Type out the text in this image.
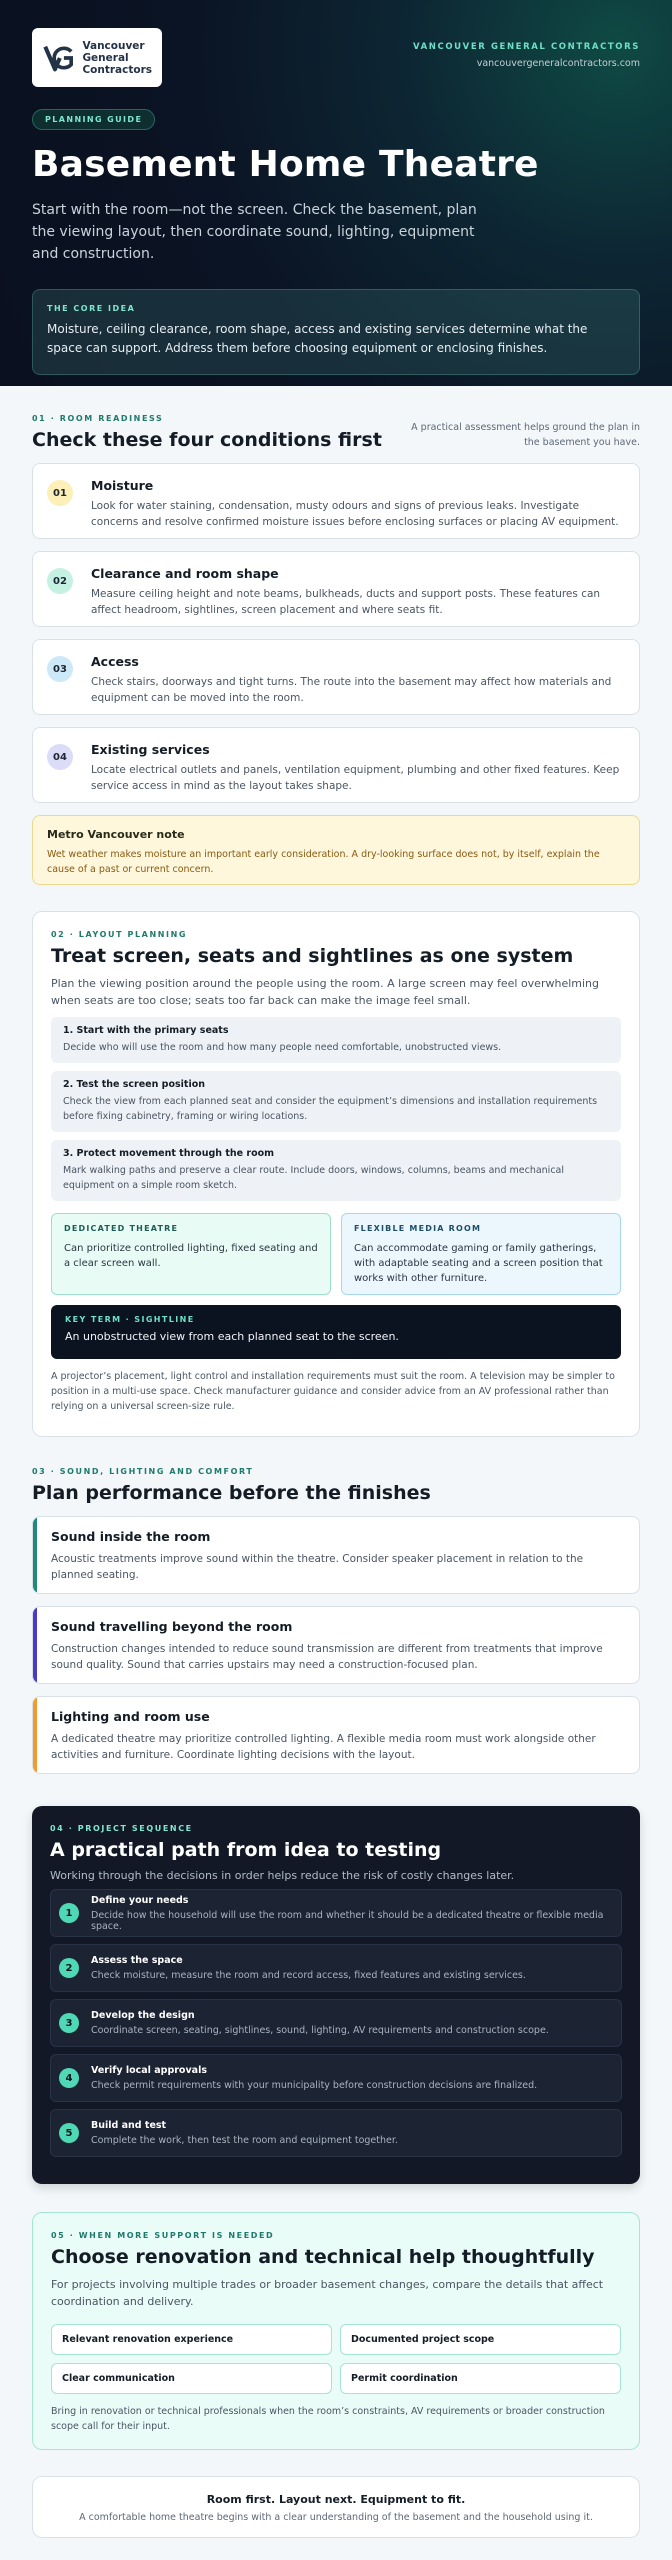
Vancouver
General
Contractors
VANCOUVER GENERAL CONTRACTORS
vancouvergeneralcontractors.com
PLANNING GUIDE
Basement Home Theatre

Start with the room—not the screen. Check the basement, plan the viewing layout, then coordinate sound, lighting, equipment and construction.

THE CORE IDEA
Moisture, ceiling clearance, room shape, access and existing services determine what the space can support. Address them before choosing equipment or enclosing finishes.
01 · ROOM READINESS
Check these four conditions first
A practical assessment helps ground the plan in the basement you have.
01	Moisture
Look for water staining, condensation, musty odours and signs of previous leaks. Investigate concerns and resolve confirmed moisture issues before enclosing surfaces or placing AV equipment.
02	Clearance and room shape
Measure ceiling height and note beams, bulkheads, ducts and support posts. These features can affect headroom, sightlines, screen placement and where seats fit.
03	Access
Check stairs, doorways and tight turns. The route into the basement may affect how materials and equipment can be moved into the room.
04	Existing services
Locate electrical outlets and panels, ventilation equipment, plumbing and other fixed features. Keep service access in mind as the layout takes shape.
Metro Vancouver note
Wet weather makes moisture an important early consideration. A dry-looking surface does not, by itself, explain the cause of a past or current concern.
02 · LAYOUT PLANNING
Treat screen, seats and sightlines as one system

Plan the viewing position around the people using the room. A large screen may feel overwhelming when seats are too close; seats too far back can make the image feel small.

1. Start with the primary seats
Decide who will use the room and how many people need comfortable, unobstructed views.
2. Test the screen position
Check the view from each planned seat and consider the equipment’s dimensions and installation requirements before fixing cabinetry, framing or wiring locations.
3. Protect movement through the room
Mark walking paths and preserve a clear route. Include doors, windows, columns, beams and mechanical equipment on a simple room sketch.
DEDICATED THEATRE
Can prioritize controlled lighting, fixed seating and a clear screen wall.
FLEXIBLE MEDIA ROOM
Can accommodate gaming or family gatherings, with adaptable seating and a screen position that works with other furniture.
KEY TERM · SIGHTLINE
An unobstructed view from each planned seat to the screen.

A projector’s placement, light control and installation requirements must suit the room. A television may be simpler to position in a multi-use space. Check manufacturer guidance and consider advice from an AV professional rather than relying on a universal screen-size rule.

03 · SOUND, LIGHTING AND COMFORT
Plan performance before the finishes
Sound inside the room
Acoustic treatments improve sound within the theatre. Consider speaker placement in relation to the planned seating.
Sound travelling beyond the room
Construction changes intended to reduce sound transmission are different from treatments that improve sound quality. Sound that carries upstairs may need a construction-focused plan.
Lighting and room use
A dedicated theatre may prioritize controlled lighting. A flexible media room must work alongside other activities and furniture. Coordinate lighting decisions with the layout.
04 · PROJECT SEQUENCE
A practical path from idea to testing

Working through the decisions in order helps reduce the risk of costly changes later.

1
Define your needs
Decide how the household will use the room and whether it should be a dedicated theatre or flexible media space.
2
Assess the space
Check moisture, measure the room and record access, fixed features and existing services.
3
Develop the design
Coordinate screen, seating, sightlines, sound, lighting, AV requirements and construction scope.
4
Verify local approvals
Check permit requirements with your municipality before construction decisions are finalized.
5
Build and test
Complete the work, then test the room and equipment together.
05 · WHEN MORE SUPPORT IS NEEDED
Choose renovation and technical help thoughtfully

For projects involving multiple trades or broader basement changes, compare the details that affect coordination and delivery.

Relevant renovation experience	Documented project scope
Clear communication	Permit coordination

Bring in renovation or technical professionals when the room’s constraints, AV requirements or broader construction scope call for their input.

Room first. Layout next. Equipment to fit.
A comfortable home theatre begins with a clear understanding of the basement and the household using it.
